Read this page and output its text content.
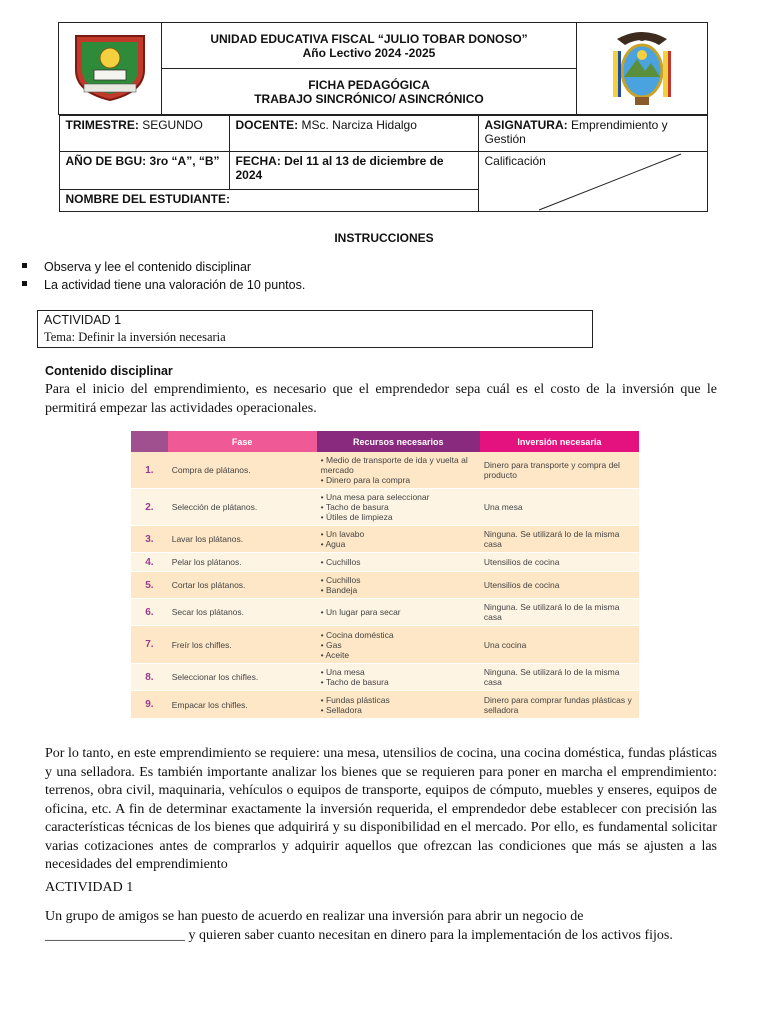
UNIDAD EDUCATIVA FISCAL “JULIO TOBAR DONOSO”
Año Lectivo 2024 -2025

FICHA PEDAGÓGICA
TRABAJO SINCRÓNICO/ ASINCRÓNICO

TRIMESTRE: SEGUNDO	DOCENTE: MSc. Narciza Hidalgo	ASIGNATURA: Emprendimiento y Gestión
AÑO DE BGU: 3ro “A”, “B”	FECHA: Del 11 al 13 de diciembre de 2024	Calificación

NOMBRE DEL ESTUDIANTE:
INSTRUCCIONES
Observa y lee el contenido disciplinar
La actividad tiene una valoración de 10 puntos.
ACTIVIDAD 1
Tema: Definir la inversión necesaria
Contenido disciplinar
Para el inicio del emprendimiento, es necesario que el emprendedor sepa cuál es el costo de la inversión que le permitirá empezar las actividades operacionales.
	Fase	Recursos necesarios	Inversión necesaria
1.	Compra de plátanos.	• Medio de transporte de ida y vuelta al mercado
• Dinero para la compra	Dinero para transporte y compra del producto
2.	Selección de plátanos.	• Una mesa para seleccionar
• Tacho de basura
• Útiles de limpieza	Una mesa
3.	Lavar los plátanos.	• Un lavabo
• Agua	Ninguna. Se utilizará lo de la misma casa
4.	Pelar los plátanos.	• Cuchillos	Utensilios de cocina
5.	Cortar los plátanos.	• Cuchillos
• Bandeja	Utensilios de cocina
6.	Secar los plátanos.	• Un lugar para secar	Ninguna. Se utilizará lo de la misma casa
7.	Freír los chifles.	• Cocina doméstica
• Gas
• Aceite	Una cocina
8.	Seleccionar los chifles.	• Una mesa
• Tacho de basura	Ninguna. Se utilizará lo de la misma casa
9.	Empacar los chifles.	• Fundas plásticas
• Selladora	Dinero para comprar fundas plásticas y selladora
Por lo tanto, en este emprendimiento se requiere: una mesa, utensilios de cocina, una cocina doméstica, fundas plásticas y una selladora. Es también importante analizar los bienes que se requieren para poner en marcha el emprendimiento: terrenos, obra civil, maquinaria, vehículos o equipos de transporte, equipos de cómputo, muebles y enseres, equipos de oficina, etc. A fin de determinar exactamente la inversión requerida, el emprendedor debe establecer con precisión las características técnicas de los bienes que adquirirá y su disponibilidad en el mercado. Por ello, es fundamental solicitar varias cotizaciones antes de comprarlos y adquirir aquellos que ofrezcan las condiciones que más se ajusten a las necesidades del emprendimiento
ACTIVIDAD 1
Un grupo de amigos se han puesto de acuerdo en realizar una inversión para abrir un negocio de ____________________ y quieren saber cuanto necesitan en dinero para la implementación de los activos fijos.
